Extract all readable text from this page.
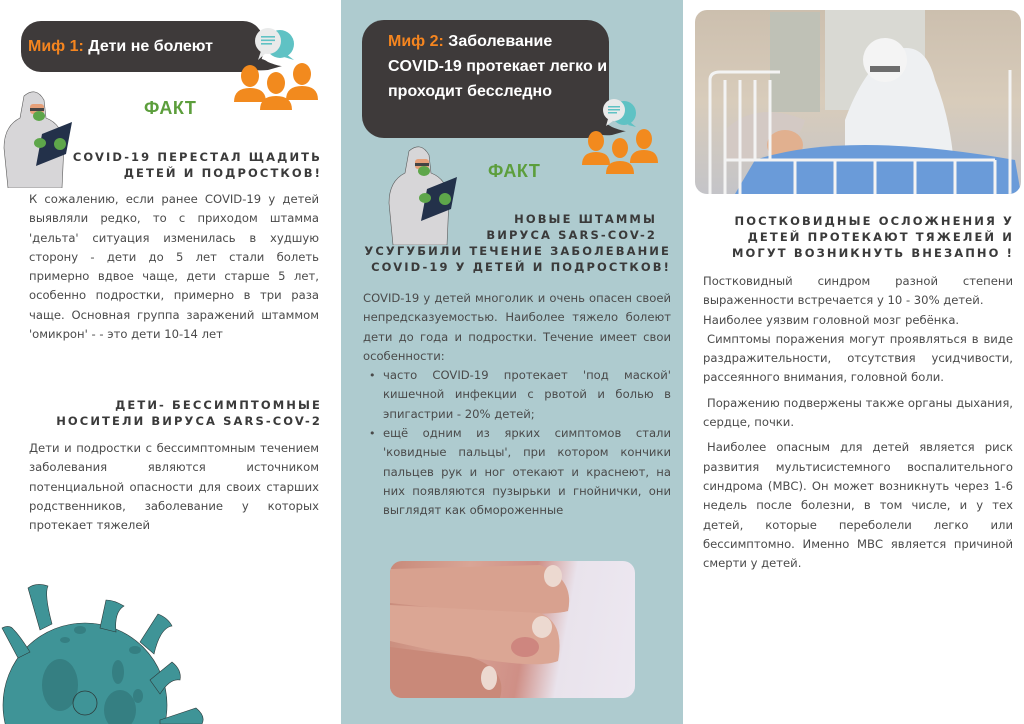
Миф 1: Дети не болеют
ФАКТ
COVID-19 ПЕРЕСТАЛ ЩАДИТЬ
ДЕТЕЙ И ПОДРОСТКОВ!

К сожалению, если ранее COVID-19 у детей выявляли редко, то с приходом штамма 'дельта' ситуация изменилась в худшую сторону - дети до 5 лет стали болеть примерно вдвое чаще, дети старше 5 лет, особенно подростки, примерно в три раза чаще. Основная группа заражений штаммом 'омикрон' - - это дети 10-14 лет

ДЕТИ- БЕССИМПТОМНЫЕ
НОСИТЕЛИ ВИРУСА SARS-COV-2

Дети и подростки с бессимптомным течением заболевания являются источником потенциальной опасности для своих старших родственников, заболевание у которых протекает тяжелей

Миф 2: Заболевание COVID-19 протекает легко и проходит бесследно
ФАКТ
НОВЫЕ ШТАММЫ
ВИРУСА SARS-COV-2
УСУГУБИЛИ ТЕЧЕНИЕ ЗАБОЛЕВАНИЕ
COVID-19 У ДЕТЕЙ И ПОДРОСТКОВ!

COVID-19 у детей многолик и очень опасен своей непредсказуемостью. Наиболее тяжело болеют дети до года и подростки. Течение имеет свои особенности:

• часто COVID-19 протекает 'под маской' кишечной инфекции с рвотой и болью в эпигастрии - 20% детей;
• ещё одним из ярких симптомов стали 'ковидные пальцы', при котором кончики пальцев рук и ног отекают и краснеют, на них появляются пузырьки и гнойнички, они выглядят как обмороженные
ПОСТКОВИДНЫЕ ОСЛОЖНЕНИЯ У
ДЕТЕЙ ПРОТЕКАЮТ ТЯЖЕЛЕЙ И
МОГУТ ВОЗНИКНУТЬ ВНЕЗАПНО !

Постковидный синдром разной степени выраженности встречается у 10 - 30% детей.

Наиболее уязвим головной мозг ребёнка.

Симптомы поражения могут проявляться в виде раздражительности, отсутствия усидчивости, рассеянного внимания, головной боли.

Поражению подвержены также органы дыхания, сердце, почки.

Наиболее опасным для детей является риск развития мультисистемного воспалительного синдрома (МВС). Он может возникнуть через 1-6 недель после болезни, в том числе, и у тех детей, которые переболели легко или бессимптомно. Именно МВС является причиной смерти у детей.
